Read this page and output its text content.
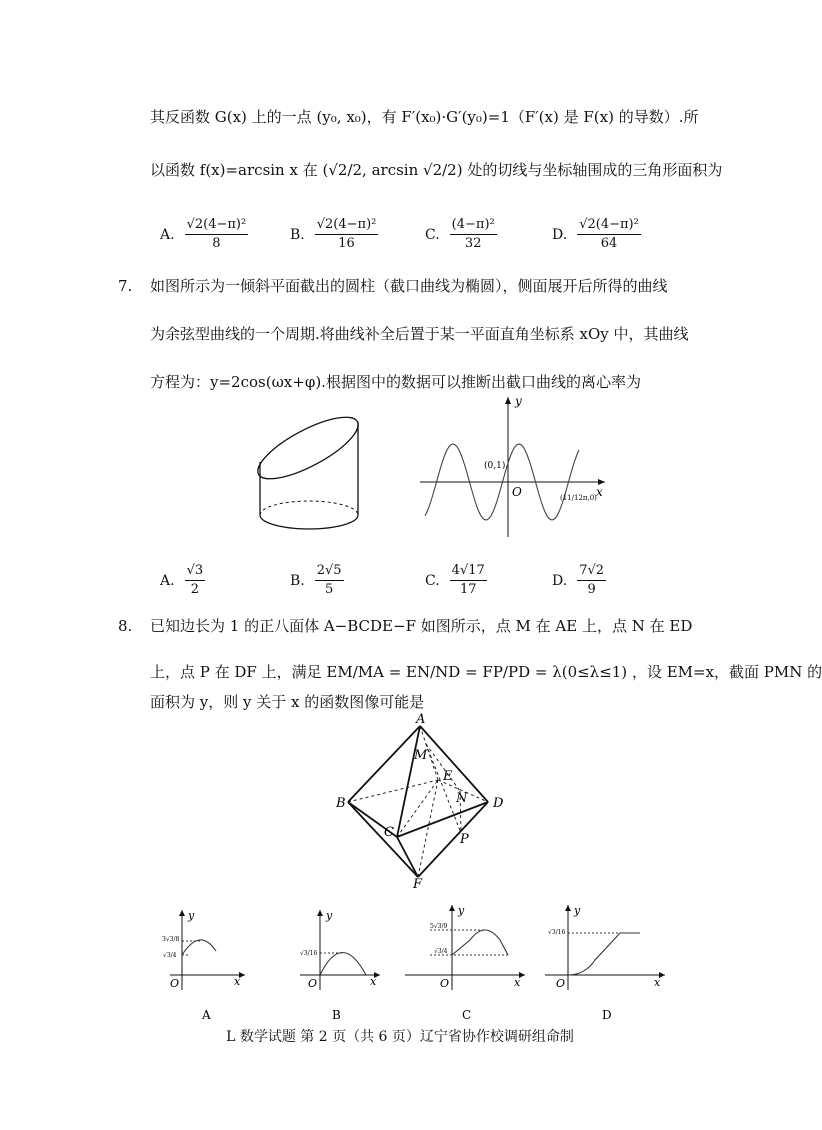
其反函数 G(x) 上的一点 (y₀, x₀)，有 F′(x₀)·G′(y₀)=1（F′(x) 是 F(x) 的导数）.所
以函数 f(x)=arcsin x 在 (√2/2, arcsin √2/2) 处的切线与坐标轴围成的三角形面积为
A. $\frac{\text{√2(4−π)²}}{8}$	B. $\frac{\text{√2(4−π)²}}{16}$	C. $\frac{\text{(4−π)²}}{32}$	D. $\frac{\text{√2(4−π)²}}{64}$
7. 如图所示为一倾斜平面截出的圆柱（截口曲线为椭圆），侧面展开后所得的曲线
为余弦型曲线的一个周期.将曲线补全后置于某一平面直角坐标系 xOy 中，其曲线
方程为：y=2cos(ωx+φ).根据图中的数据可以推断出截口曲线的离心率为
y
x
O
(0,1)
(11/12π,0)
A. $\frac{√3}{2}$	B. $\frac{2√5}{5}$	C. $\frac{4√17}{17}$	D. $\frac{7√2}{9}$
8. 已知边长为 1 的正八面体 A−BCDE−F 如图所示，点 M 在 AE 上，点 N 在 ED
上，点 P 在 DF 上，满足 EM/MA = EN/ND = FP/PD = λ(0≤λ≤1) ，设 EM=x，截面 PMN 的
面积为 y，则 y 关于 x 的函数图像可能是
A
B
C
D
E
F
M
N
P
y
x
O
3√3/8
√3/4
A
y
x
O
√3/16
B
y
x
O
5√3/9
√3/4
C
y
x
O
√3/16
D
L 数学试题 第 2 页（共 6 页）辽宁省协作校调研组命制
